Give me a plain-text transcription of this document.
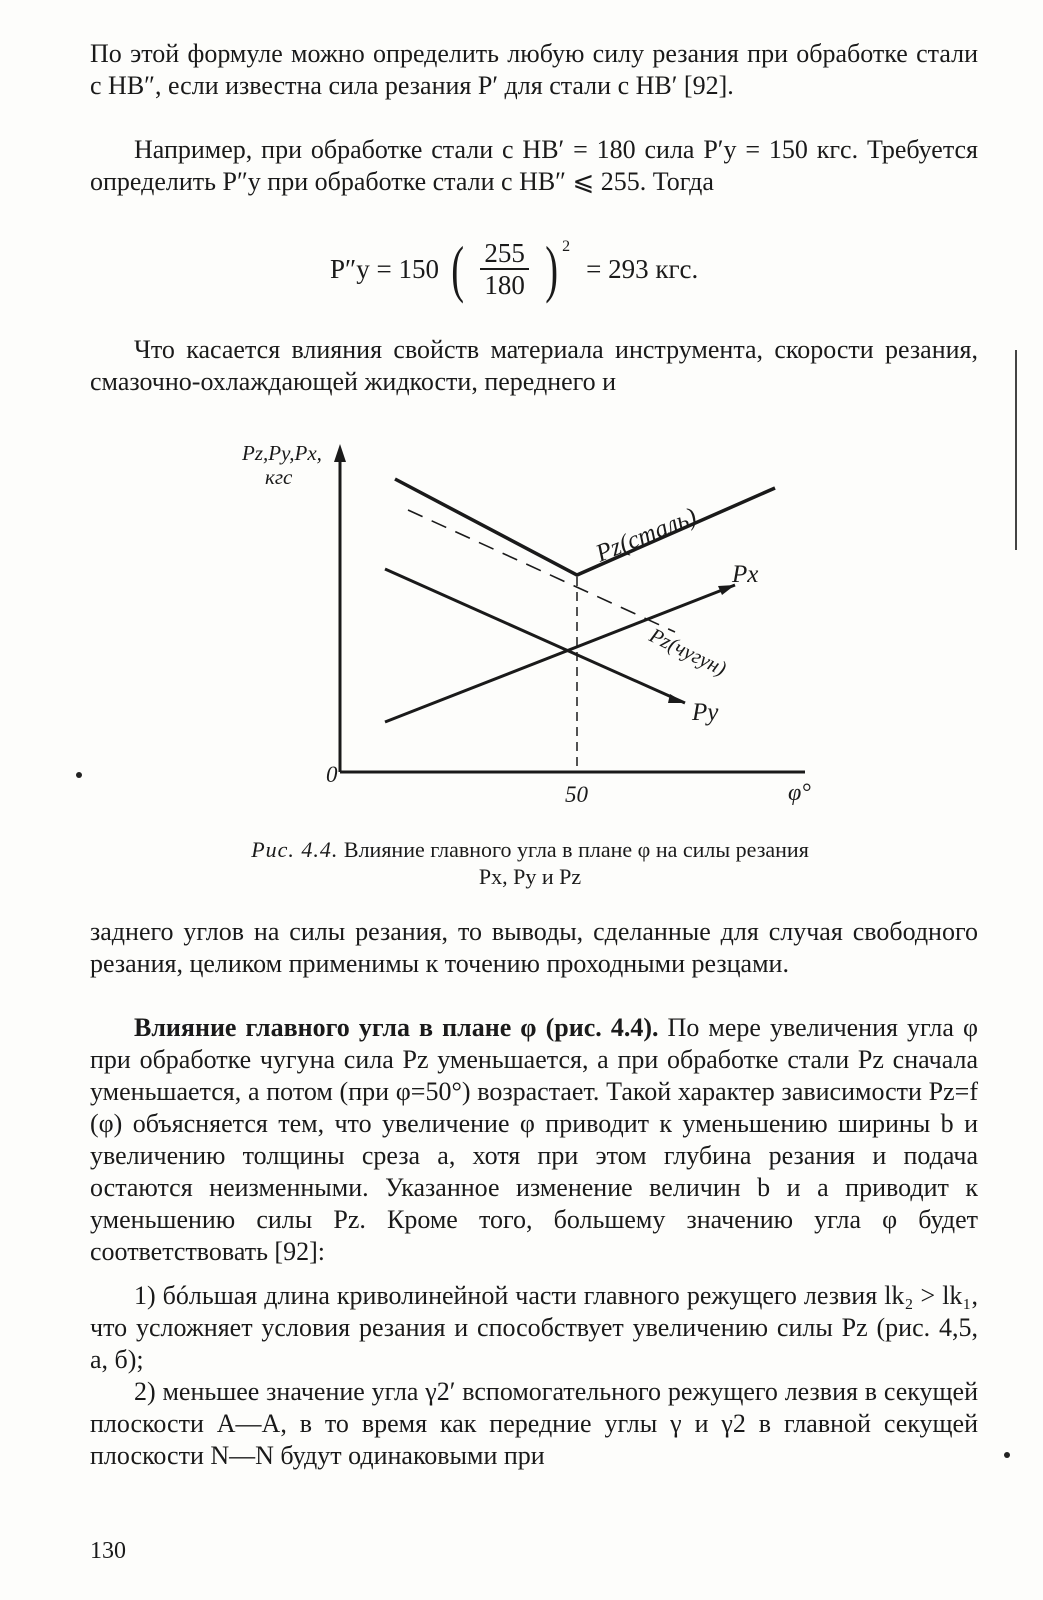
По этой формуле можно определить любую силу резания при обработке стали с HB″, если известна сила резания P′ для стали с HB′ [92].

Например, при обработке стали с HB′ = 180 сила P′y = 150 кгс. Требуется определить P″y при обработке стали с HB″ ⩽ 255. Тогда

P″y = 150 ( $\frac{255}{180}$ ) 2
= 293 кгс.

Что касается влияния свойств материала инструмента, скорости резания, смазочно-охлаждающей жидкости, переднего и

Pz,Py,Px,
кгс
0
50	φ°
Pz(сталь)
Px
Pz(чугун)
Py
Рис. 4.4. Влияние главного угла в плане φ на силы резания Px, Py и Pz

заднего углов на силы резания, то выводы, сделанные для случая свободного резания, целиком применимы к точению проходными резцами.

Влияние главного угла в плане φ (рис. 4.4). По мере увеличения угла φ при обработке чугуна сила Pz уменьшается, а при обработке стали Pz сначала уменьшается, а потом (при φ=50°) возрастает. Такой характер зависимости Pz=f (φ) объясняется тем, что увеличение φ приводит к уменьшению ширины b и увеличению толщины среза a, хотя при этом глубина резания и подача остаются неизменными. Указанное изменение величин b и a приводит к уменьшению силы Pz. Кроме того, большему значению угла φ будет соответствовать [92]:

1) бóльшая длина криволинейной части главного режущего лезвия lk₂ > lk₁, что усложняет условия резания и способствует увеличению силы Pz (рис. 4,5, а, б);

2) меньшее значение угла γ2′ вспомогательного режущего лезвия в секущей плоскости A—A, в то время как передние углы γ и γ2 в главной секущей плоскости N—N будут одинаковыми при

130
